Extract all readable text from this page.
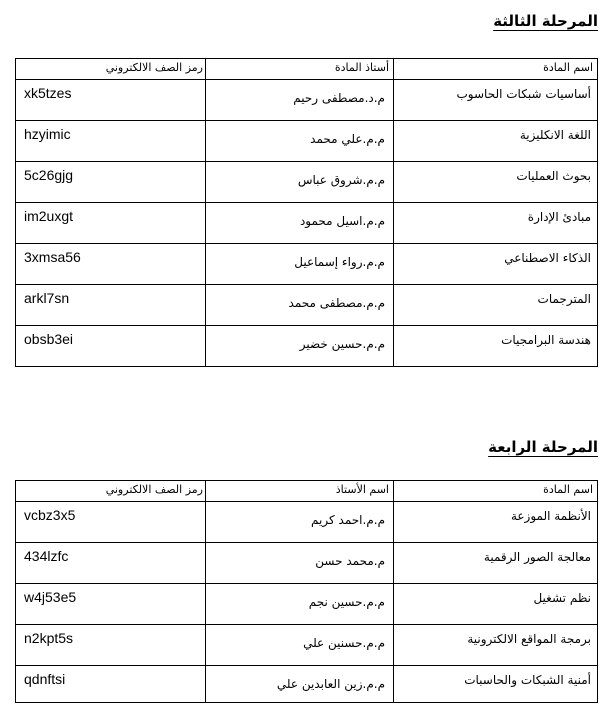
المرحلة الثالثة
رمز الصف الالكتروني	أستاذ المادة	اسم المادة
xk5tzes	م.د.مصطفى رحيم	أساسيات شبكات الحاسوب
hzyimic	م.م.علي محمد	اللغة الانكليزية
5c26gjg	م.م.شروق عباس	بحوث العمليات
im2uxgt	م.م.اسيل محمود	مبادئ الإدارة
3xmsa56	م.م.رواء إسماعيل	الذكاء الاصطناعي
arkl7sn	م.م.مصطفى محمد	المترجمات
obsb3ei	م.م.حسين خضير	هندسة البرامجيات
المرحلة الرابعة
رمز الصف الالكتروني	اسم الأستاذ	اسم المادة
vcbz3x5	م.م.احمد كريم	الأنظمة الموزعة
434lzfc	م.محمد حسن	معالجة الصور الرقمية
w4j53e5	م.م.حسين نجم	نظم تشغيل
n2kpt5s	م.م.حسنين علي	برمجة المواقع الالكترونية
qdnftsi	م.م.زين العابدين علي	أمنية الشبكات والحاسبات
